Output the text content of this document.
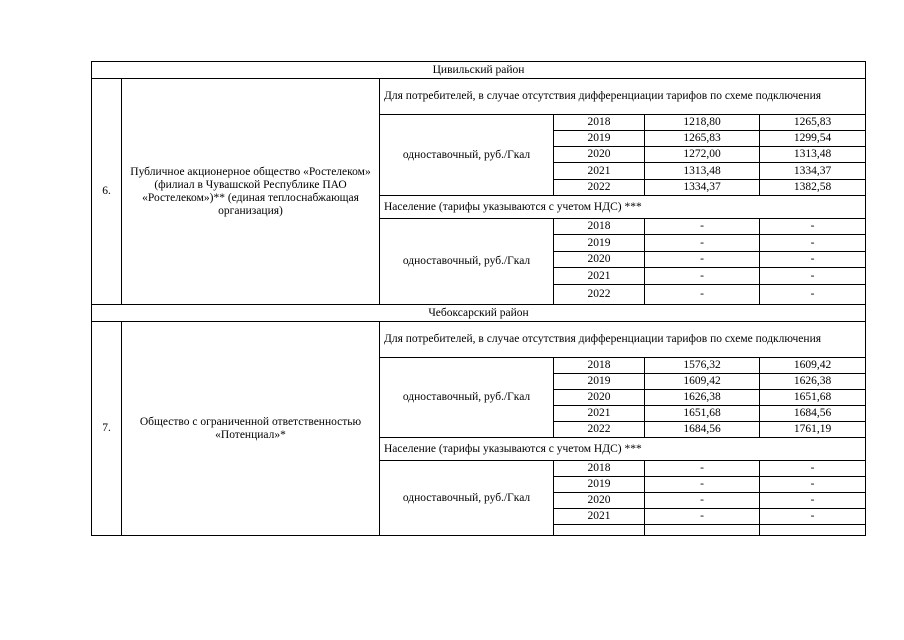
Цивильский район						
6.	Публичное акционерное общество «Ростелеком» (филиал в Чувашской Республике ПАО «Ростелеком»)** (единая теплоснабжающая организация)	Для потребителей, в случае отсутствия дифференциации тарифов по схеме подключения				
		одноставочный, руб./Гкал	2018	1218,80	1265,83	
			2019	1265,83	1299,54	
			2020	1272,00	1313,48	
			2021	1313,48	1334,37	
			2022	1334,37	1382,58	
		Население (тарифы указываются с учетом НДС) ***				
		одноставочный, руб./Гкал	2018	-	-	
			2019	-	-	
			2020	-	-	
			2021	-	-	
			2022	-	-	
Чебоксарский район						
7.	Общество с ограниченной ответственностью «Потенциал»*	Для потребителей, в случае отсутствия дифференциации тарифов по схеме подключения				
		одноставочный, руб./Гкал	2018	1576,32	1609,42	
			2019	1609,42	1626,38	
			2020	1626,38	1651,68	
			2021	1651,68	1684,56	
			2022	1684,56	1761,19	
		Население (тарифы указываются с учетом НДС) ***				
		одноставочный, руб./Гкал	2018	-	-	
			2019	-	-	
			2020	-	-	
			2021	-	-	
